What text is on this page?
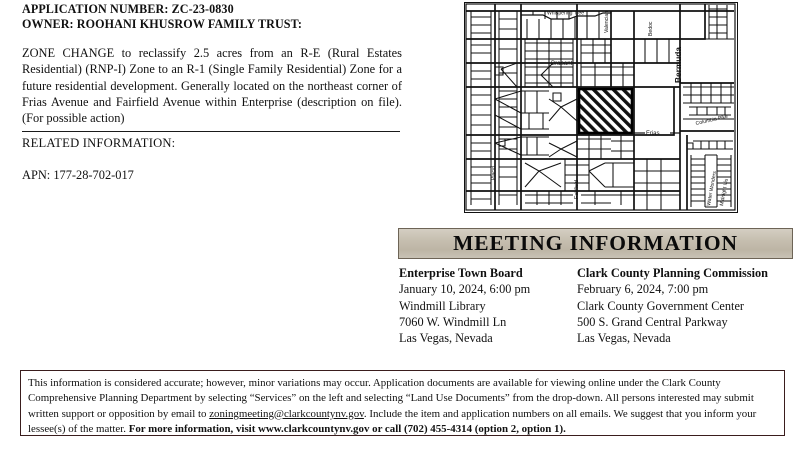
APPLICATION NUMBER: ZC-23-0830
OWNER: ROOHANI KHUSROW FAMILY TRUST:
ZONE CHANGE to reclassify 2.5 acres from an R-E (Rural Estates Residential) (RNP-I) Zone to an R-1 (Single Family Residential) Zone for a future residential development. Generally located on the northeast corner of Frias Avenue and Fairfield Avenue within Enterprise (description on file). (For possible action)
RELATED INFORMATION:
APN: 177-28-702-017
Whispering Tree	Valencian	Bedoc
Bermuda
Brabant
Frias
Columbia Pike
Water Wonders Midnight Iris
Placid
Fairfield
MEETING INFORMATION
Enterprise Town Board
January 10, 2024, 6:00 pm
Windmill Library
7060 W. Windmill Ln
Las Vegas, Nevada
Clark County Planning Commission
February 6, 2024, 7:00 pm
Clark County Government Center
500 S. Grand Central Parkway
Las Vegas, Nevada
This information is considered accurate; however, minor variations may occur. Application documents are available for viewing online under the Clark County Comprehensive Planning Department by selecting “Services” on the left and selecting “Land Use Documents” from the drop-down. All persons interested may submit written support or opposition by email to zoningmeeting@clarkcountynv.gov. Include the item and application numbers on all emails. We suggest that you inform your lessee(s) of the matter. For more information, visit www.clarkcountynv.gov or call (702) 455-4314 (option 2, option 1).
